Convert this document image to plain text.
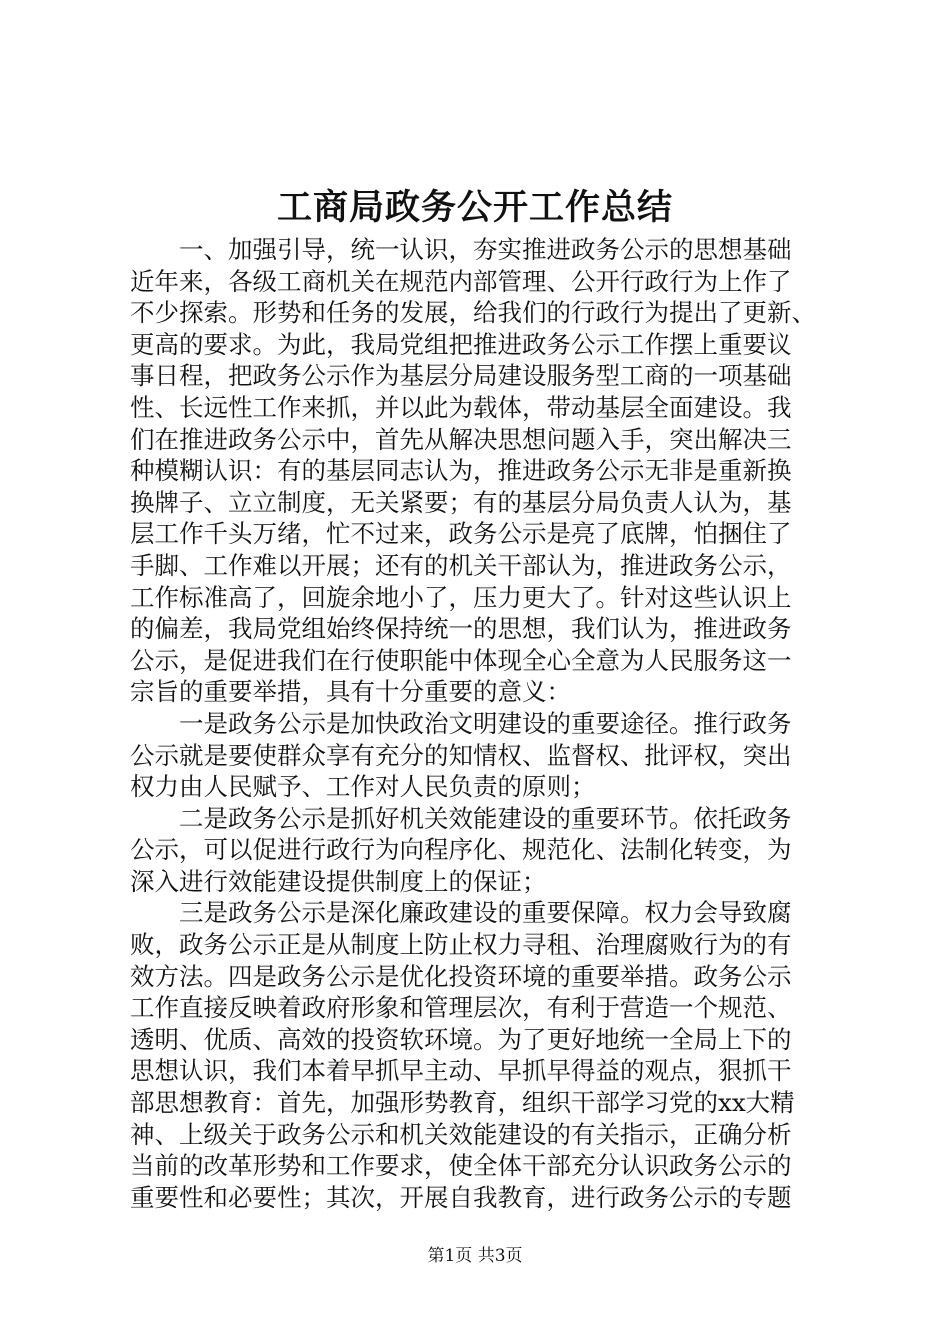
工商局政务公开工作总结
一、加强引导，统一认识，夯实推进政务公示的思想基础
近年来，各级工商机关在规范内部管理、公开行政行为上作了
不少探索。形势和任务的发展，给我们的行政行为提出了更新、
更高的要求。为此，我局党组把推进政务公示工作摆上重要议
事日程，把政务公示作为基层分局建设服务型工商的一项基础
性、长远性工作来抓，并以此为载体，带动基层全面建设。我
们在推进政务公示中，首先从解决思想问题入手，突出解决三
种模糊认识：有的基层同志认为，推进政务公示无非是重新换
换牌子、立立制度，无关紧要；有的基层分局负责人认为，基
层工作千头万绪，忙不过来，政务公示是亮了底牌，怕捆住了
手脚、工作难以开展；还有的机关干部认为，推进政务公示，
工作标准高了，回旋余地小了，压力更大了。针对这些认识上
的偏差，我局党组始终保持统一的思想，我们认为，推进政务
公示，是促进我们在行使职能中体现全心全意为人民服务这一
宗旨的重要举措，具有十分重要的意义：
一是政务公示是加快政治文明建设的重要途径。推行政务
公示就是要使群众享有充分的知情权、监督权、批评权，突出
权力由人民赋予、工作对人民负责的原则；
二是政务公示是抓好机关效能建设的重要环节。依托政务
公示，可以促进行政行为向程序化、规范化、法制化转变，为
深入进行效能建设提供制度上的保证；
三是政务公示是深化廉政建设的重要保障。权力会导致腐
败，政务公示正是从制度上防止权力寻租、治理腐败行为的有
效方法。四是政务公示是优化投资环境的重要举措。政务公示
工作直接反映着政府形象和管理层次，有利于营造一个规范、
透明、优质、高效的投资软环境。为了更好地统一全局上下的
思想认识，我们本着早抓早主动、早抓早得益的观点，狠抓干
部思想教育：首先，加强形势教育，组织干部学习党的xx大精
神、上级关于政务公示和机关效能建设的有关指示，正确分析
当前的改革形势和工作要求，使全体干部充分认识政务公示的
重要性和必要性；其次，开展自我教育，进行政务公示的专题
第1页 共3页
